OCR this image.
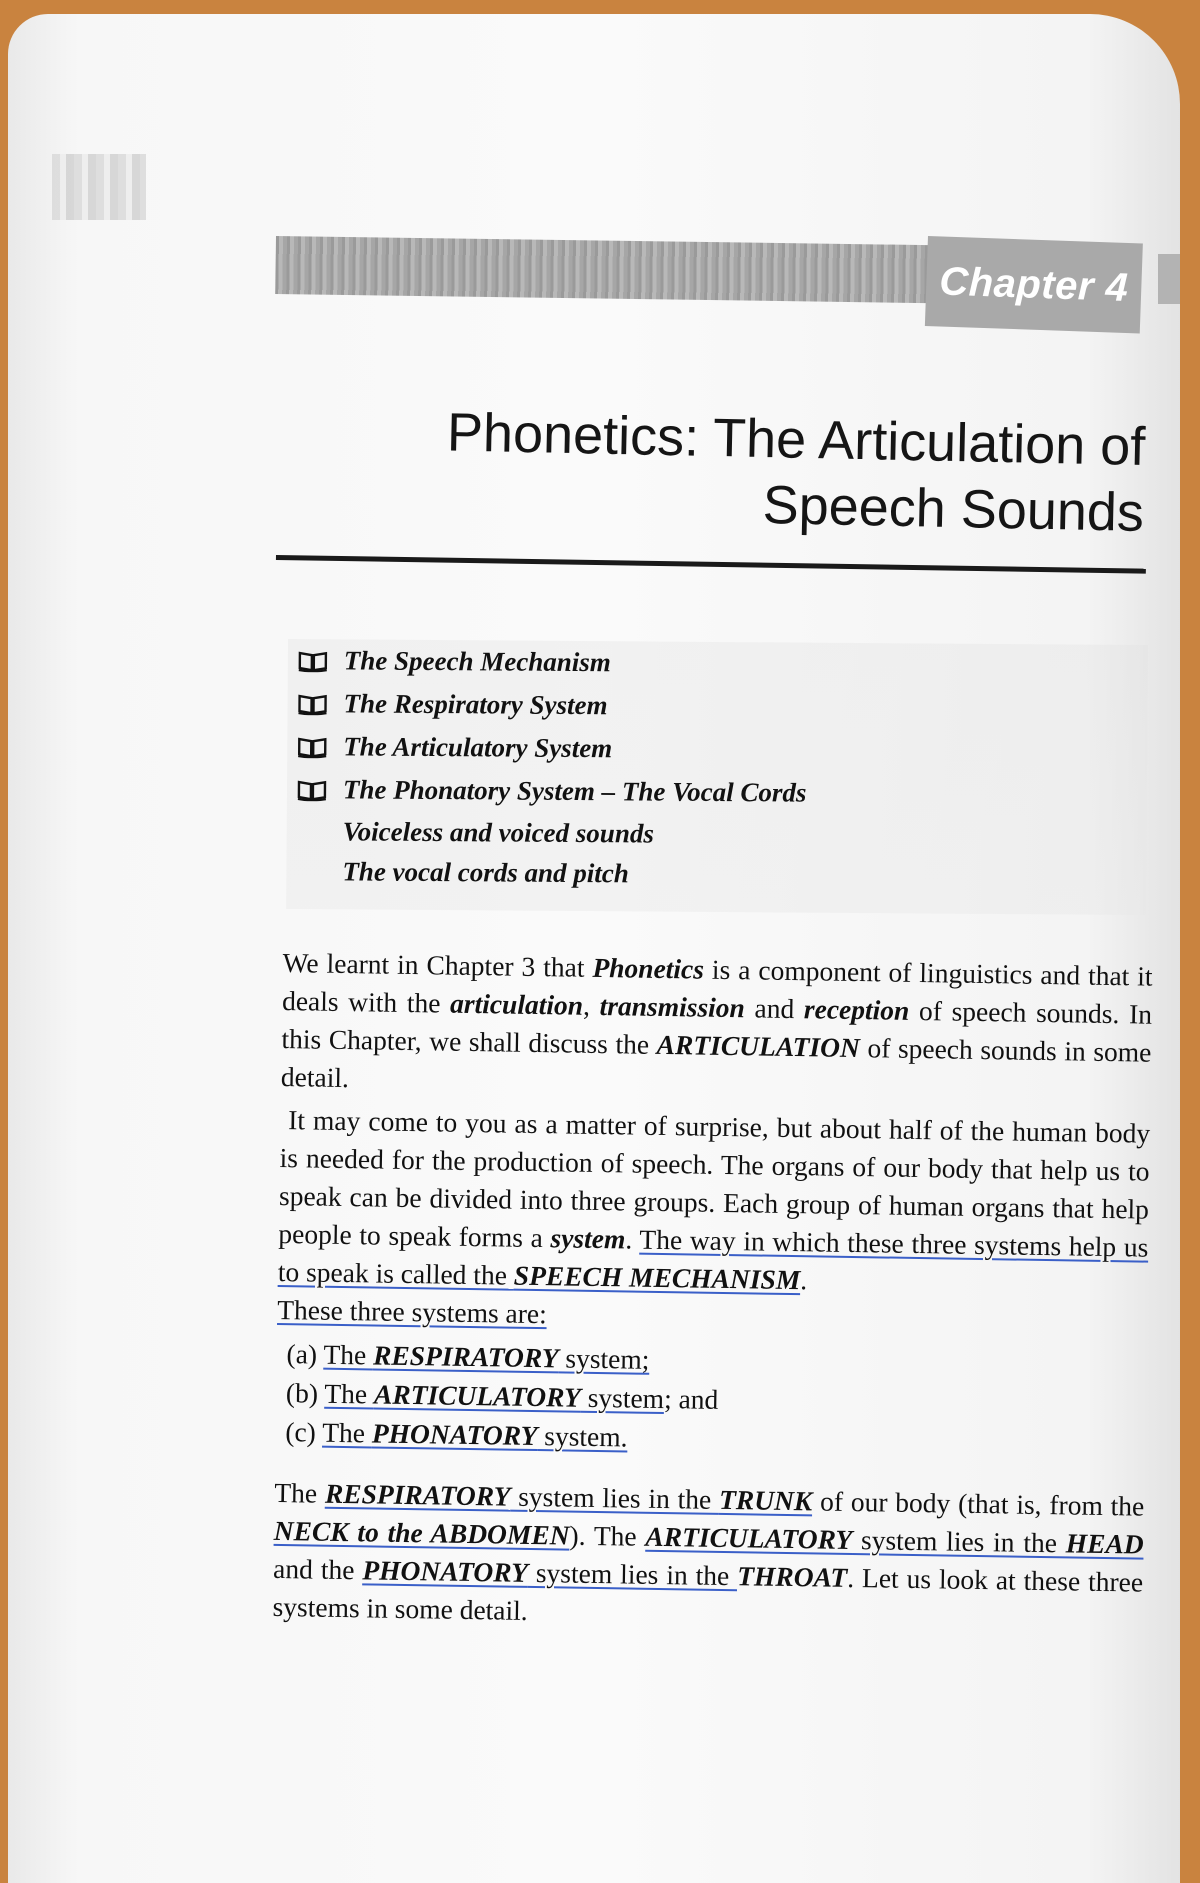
Chapter 4
Phonetics: The Articulation of
Speech Sounds
The Speech Mechanism
The Respiratory System
The Articulatory System
The Phonatory System – The Vocal Cords
Voiceless and voiced sounds
The vocal cords and pitch

We learnt in Chapter 3 that Phonetics is a component of linguistics and that it deals with the articulation, transmission and reception of speech sounds. In this Chapter, we shall discuss the ARTICULATION of speech sounds in some detail.

It may come to you as a matter of surprise, but about half of the human body is needed for the production of speech. The organs of our body that help us to speak can be divided into three groups. Each group of human organs that help people to speak forms a system. The way in which these three systems help us to speak is called the SPEECH MECHANISM.
These three systems are:

(a) The RESPIRATORY system;
(b) The ARTICULATORY system; and
(c) The PHONATORY system.

The RESPIRATORY system lies in the TRUNK of our body (that is, from the NECK to the ABDOMEN). The ARTICULATORY system lies in the HEAD and the PHONATORY system lies in the THROAT. Let us look at these three systems in some detail.
